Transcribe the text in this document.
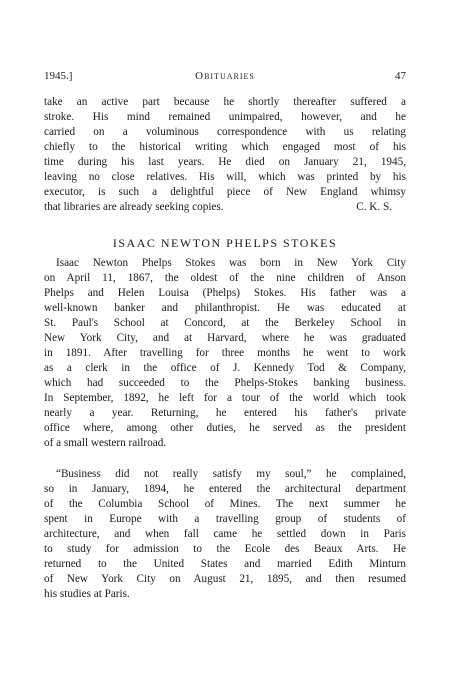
1945.]	Obituaries	47
take an active part because he shortly thereafter suffered a
stroke. His mind remained unimpaired, however, and he
carried on a voluminous correspondence with us relating
chiefly to the historical writing which engaged most of his
time during his last years. He died on January 21, 1945,
leaving no close relatives. His will, which was printed by his
executor, is such a delightful piece of New England whimsy
that libraries are already seeking copies.	C. K. S.
ISAAC NEWTON PHELPS STOKES
Isaac Newton Phelps Stokes was born in New York City
on April 11, 1867, the oldest of the nine children of Anson
Phelps and Helen Louisa (Phelps) Stokes. His father was a
well-known banker and philanthropist. He was educated at
St. Paul's School at Concord, at the Berkeley School in
New York City, and at Harvard, where he was graduated
in 1891. After travelling for three months he went to work
as a clerk in the office of J. Kennedy Tod & Company,
which had succeeded to the Phelps-Stokes banking business.
In September, 1892, he left for a tour of the world which took
nearly a year. Returning, he entered his father's private
office where, among other duties, he served as the president
of a small western railroad.
“Business did not really satisfy my soul,” he complained,
so in January, 1894, he entered the architectural department
of the Columbia School of Mines. The next summer he
spent in Europe with a travelling group of students of
architecture, and when fall came he settled down in Paris
to study for admission to the Ecole des Beaux Arts. He
returned to the United States and married Edith Minturn
of New York City on August 21, 1895, and then resumed
his studies at Paris.
